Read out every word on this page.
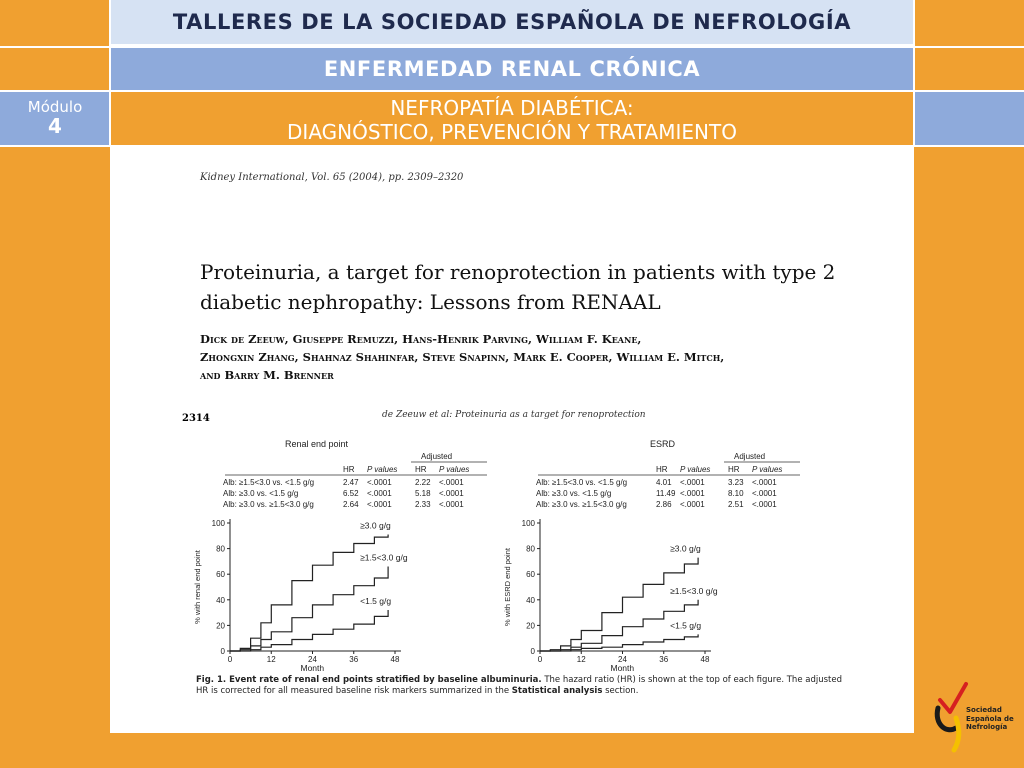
TALLERES DE LA SOCIEDAD ESPAÑOLA DE NEFROLOGÍA
ENFERMEDAD RENAL CRÓNICA
NEFROPATÍA DIABÉTICA:
DIAGNÓSTICO, PREVENCIÓN Y TRATAMIENTO
Módulo
4
Kidney International, Vol. 65 (2004), pp. 2309–2320
Proteinuria, a target for renoprotection in patients with type 2
diabetic nephropathy: Lessons from RENAAL
Dick de Zeeuw, Giuseppe Remuzzi, Hans-Henrik Parving, William F. Keane,
Zhongxin Zhang, Shahnaz Shahinfar, Steve Snapinn, Mark E. Cooper, William E. Mitch,
and Barry M. Brenner
2314	de Zeeuw et al: Proteinuria as a target for renoprotection
Renal end point
Adjusted
HR P values HR P values
Alb: ≥1.5<3.0 vs. <1.5 g/g	2.47 <.0001	2.22 <.0001
Alb: ≥3.0 vs. <1.5 g/g	6.52 <.0001	5.18 <.0001
Alb: ≥3.0 vs. ≥1.5<3.0 g/g	2.64 <.0001	2.33 <.0001
0
20
40
60
80
100
0	12	24	36	48
Month
% with renal end point
≥3.0 g/g
≥1.5<3.0 g/g
<1.5 g/g
ESRD
Adjusted
HR P values HR P values
Alb: ≥1.5<3.0 vs. <1.5 g/g	4.01 <.0001	3.23 <.0001
Alb: ≥3.0 vs. <1.5 g/g	11.49 <.0001	8.10 <.0001
Alb: ≥3.0 vs. ≥1.5<3.0 g/g	2.86 <.0001	2.51 <.0001
0
20
40
60
80
100
0	12	24	36	48
Month
% with ESRD end point	≥3.0 g/g
≥1.5<3.0 g/g
<1.5 g/g
Fig. 1. Event rate of renal end points stratified by baseline albuminuria. The hazard ratio (HR) is shown at the top of each figure. The adjusted HR is corrected for all measured baseline risk markers summarized in the Statistical analysis section.
Sociedad
Española de
Nefrología
